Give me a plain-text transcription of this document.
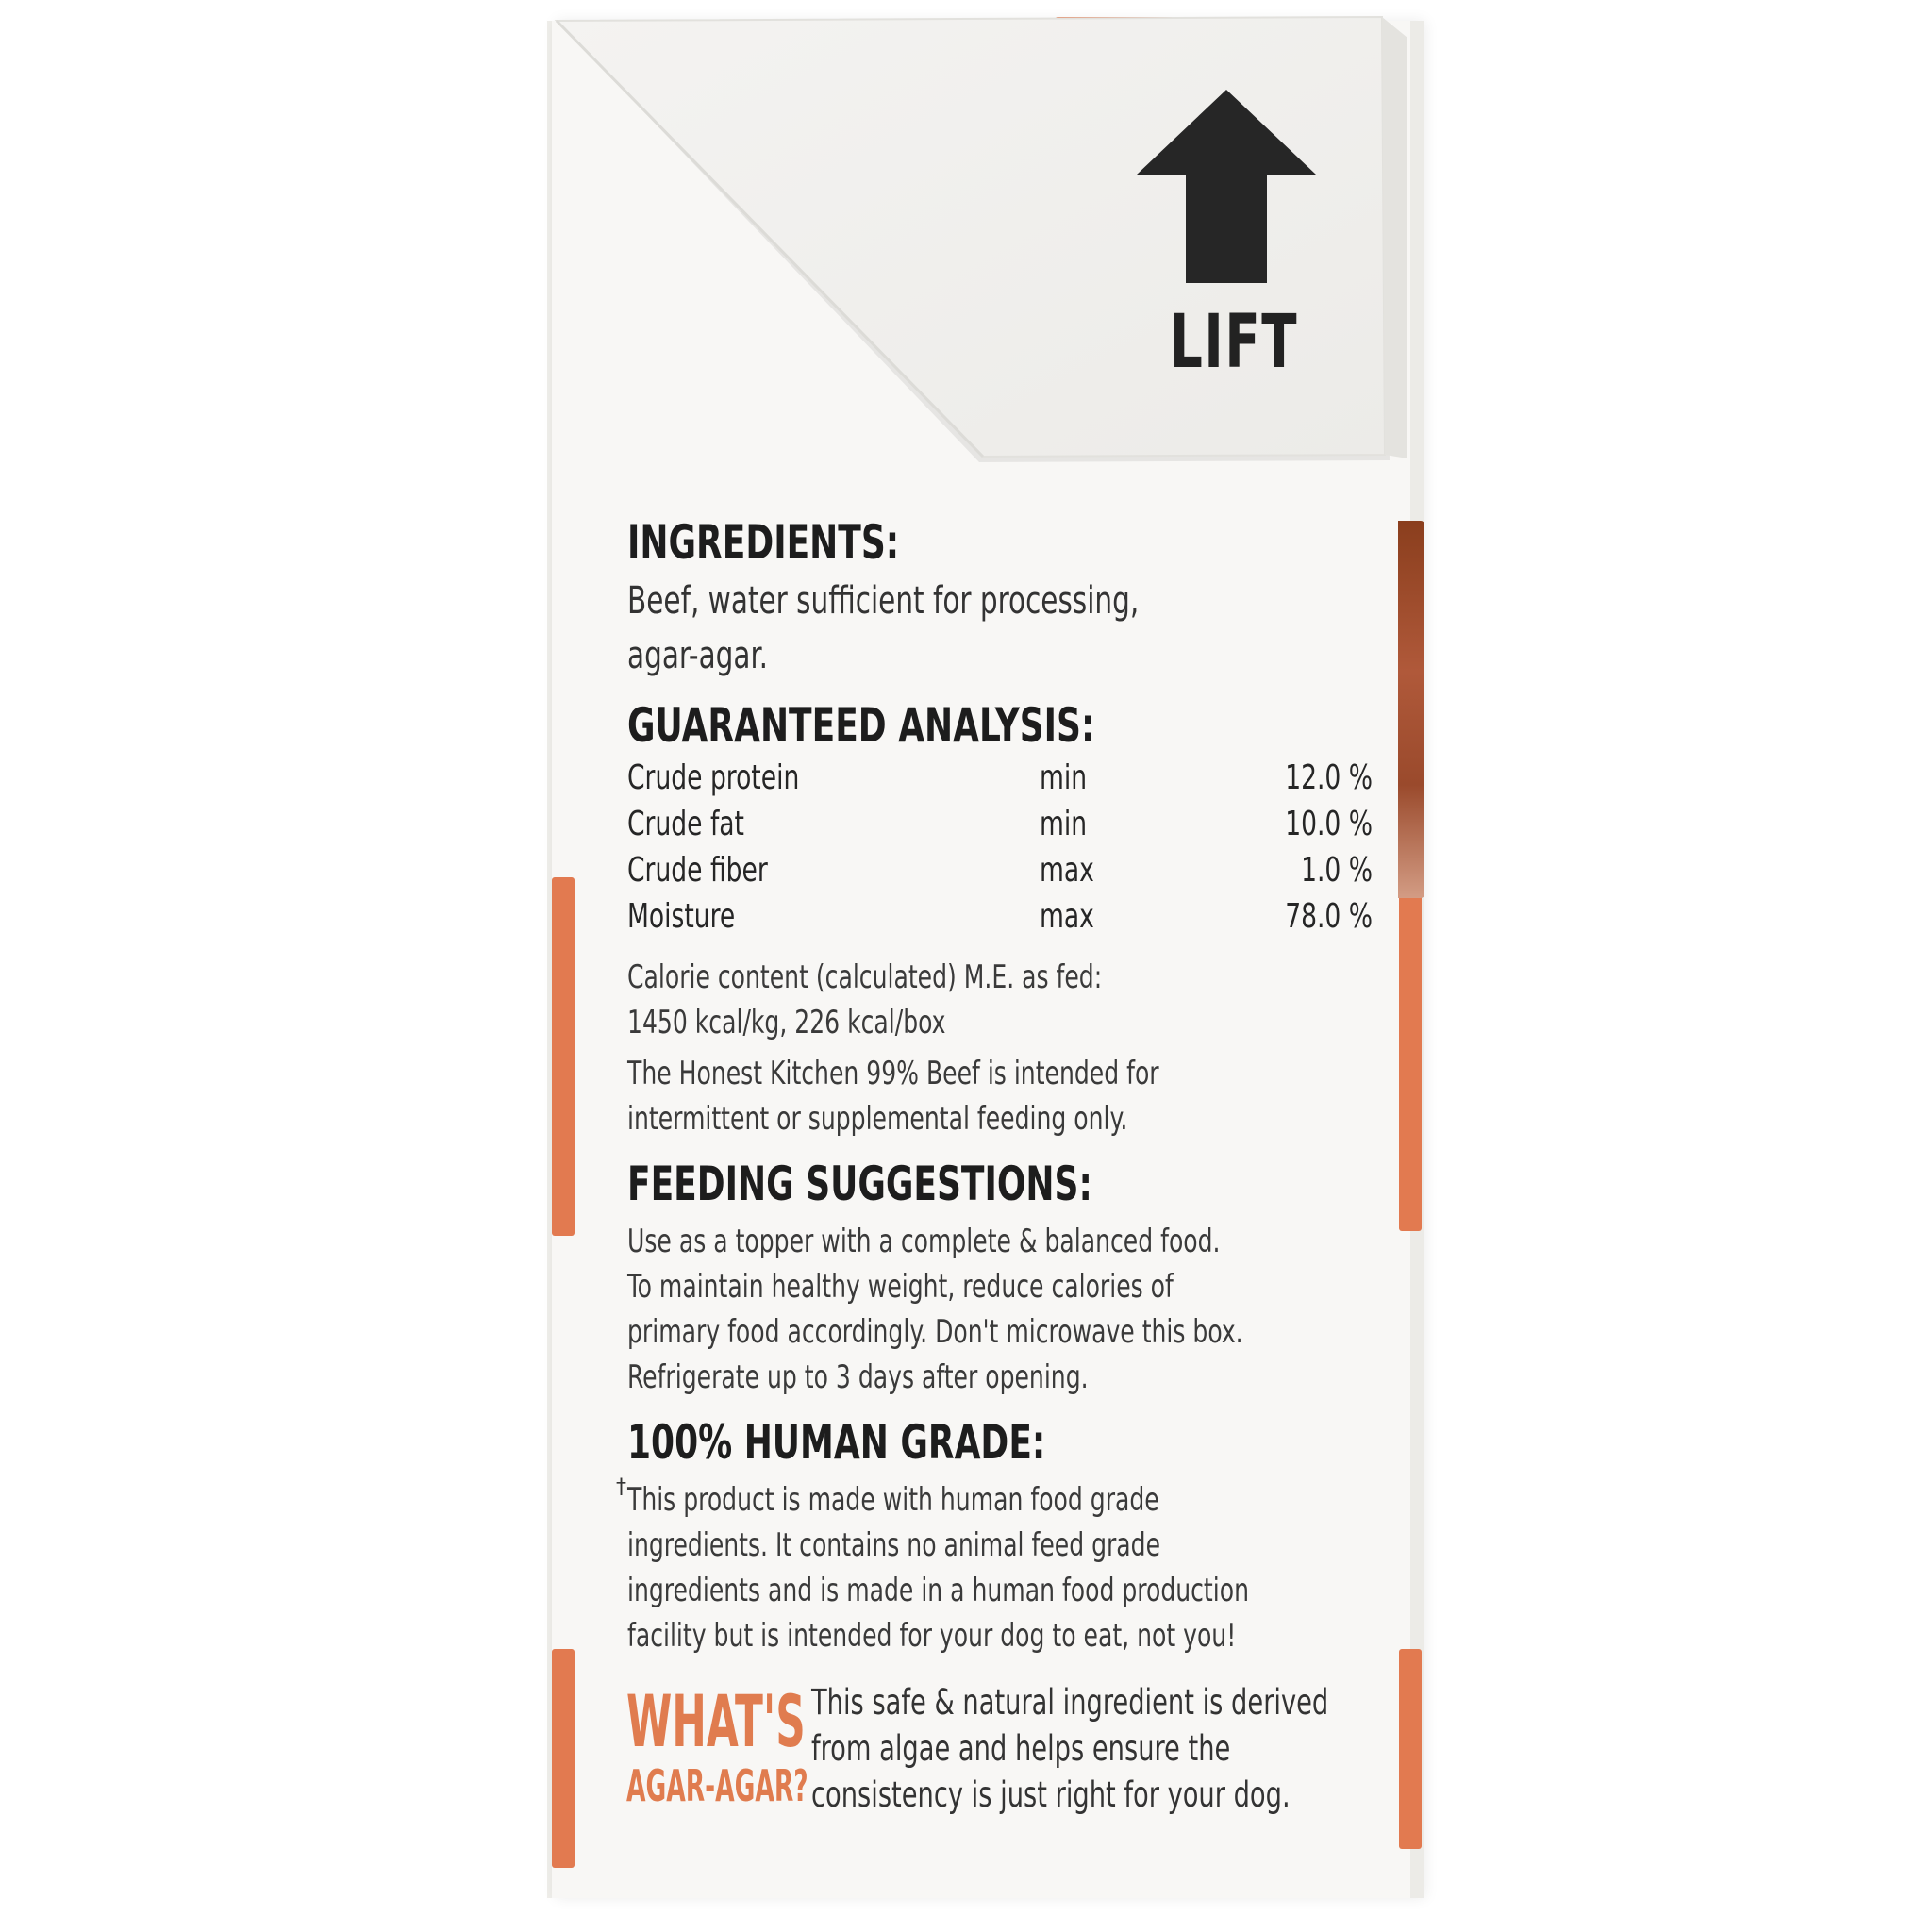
LIFT
INGREDIENTS:
Beef, water sufficient for processing,
agar-agar.
GUARANTEED ANALYSIS:
Crude protein	min	12.0 %
Crude fat	min	10.0 %
Crude fiber	max	1.0 %
Moisture	max	78.0 %
Calorie content (calculated) M.E. as fed:
1450 kcal/kg, 226 kcal/box
The Honest Kitchen 99% Beef is intended for
intermittent or supplemental feeding only.
FEEDING SUGGESTIONS:
Use as a topper with a complete & balanced food.
To maintain healthy weight, reduce calories of
primary food accordingly. Don't microwave this box.
Refrigerate up to 3 days after opening.
100% HUMAN GRADE:
† This product is made with human food grade
ingredients. It contains no animal feed grade
ingredients and is made in a human food production
facility but is intended for your dog to eat, not you!
WHAT'S
AGAR-AGAR?
This safe & natural ingredient is derived
from algae and helps ensure the
consistency is just right for your dog.
